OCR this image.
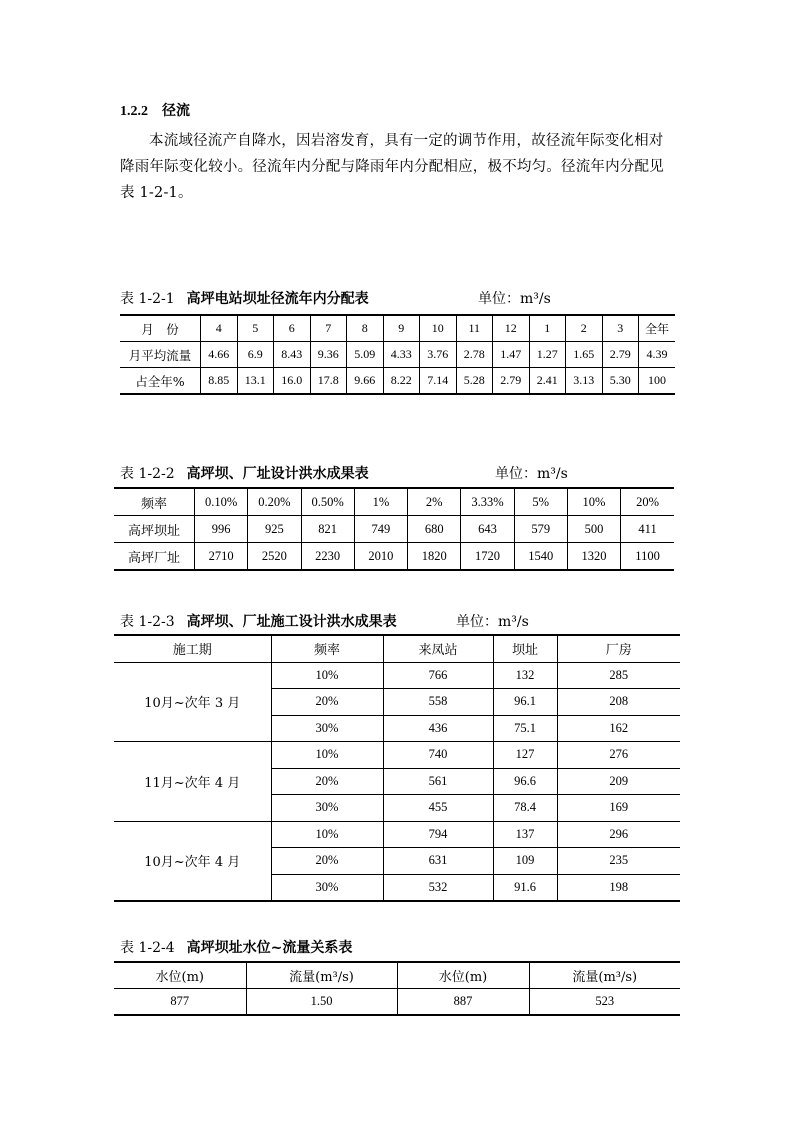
1.2.2 径流
本流域径流产自降水，因岩溶发育，具有一定的调节作用，故径流年际变化相对降雨年际变化较小。径流年内分配与降雨年内分配相应，极不均匀。径流年内分配见表 1-2-1。
表 1-2-1 高坪电站坝址径流年内分配表	单位：m³/s
月　份	4	5	6	7	8	9	10	11	12	1	2	3	全年
月平均流量	4.66	6.9	8.43	9.36	5.09	4.33	3.76	2.78	1.47	1.27	1.65	2.79	4.39
占全年%	8.85	13.1	16.0	17.8	9.66	8.22	7.14	5.28	2.79	2.41	3.13	5.30	100
表 1-2-2 高坪坝、厂址设计洪水成果表	单位：m³/s
频率	0.10%	0.20%	0.50%	1%	2%	3.33%	5%	10%	20%
高坪坝址	996	925	821	749	680	643	579	500	411
高坪厂址	2710	2520	2230	2010	1820	1720	1540	1320	1100
表 1-2-3 高坪坝、厂址施工设计洪水成果表	单位：m³/s
施工期	频率	来凤站	坝址	厂房
10月~次年 3 月	10%	766	132	285
	20%	558	96.1	208
	30%	436	75.1	162
11月~次年 4 月	10%	740	127	276
	20%	561	96.6	209
	30%	455	78.4	169
10月~次年 4 月	10%	794	137	296
	20%	631	109	235
	30%	532	91.6	198
表 1-2-4 高坪坝址水位~流量关系表
水位(m)	流量(m³/s)	水位(m)	流量(m³/s)
877	1.50	887	523
